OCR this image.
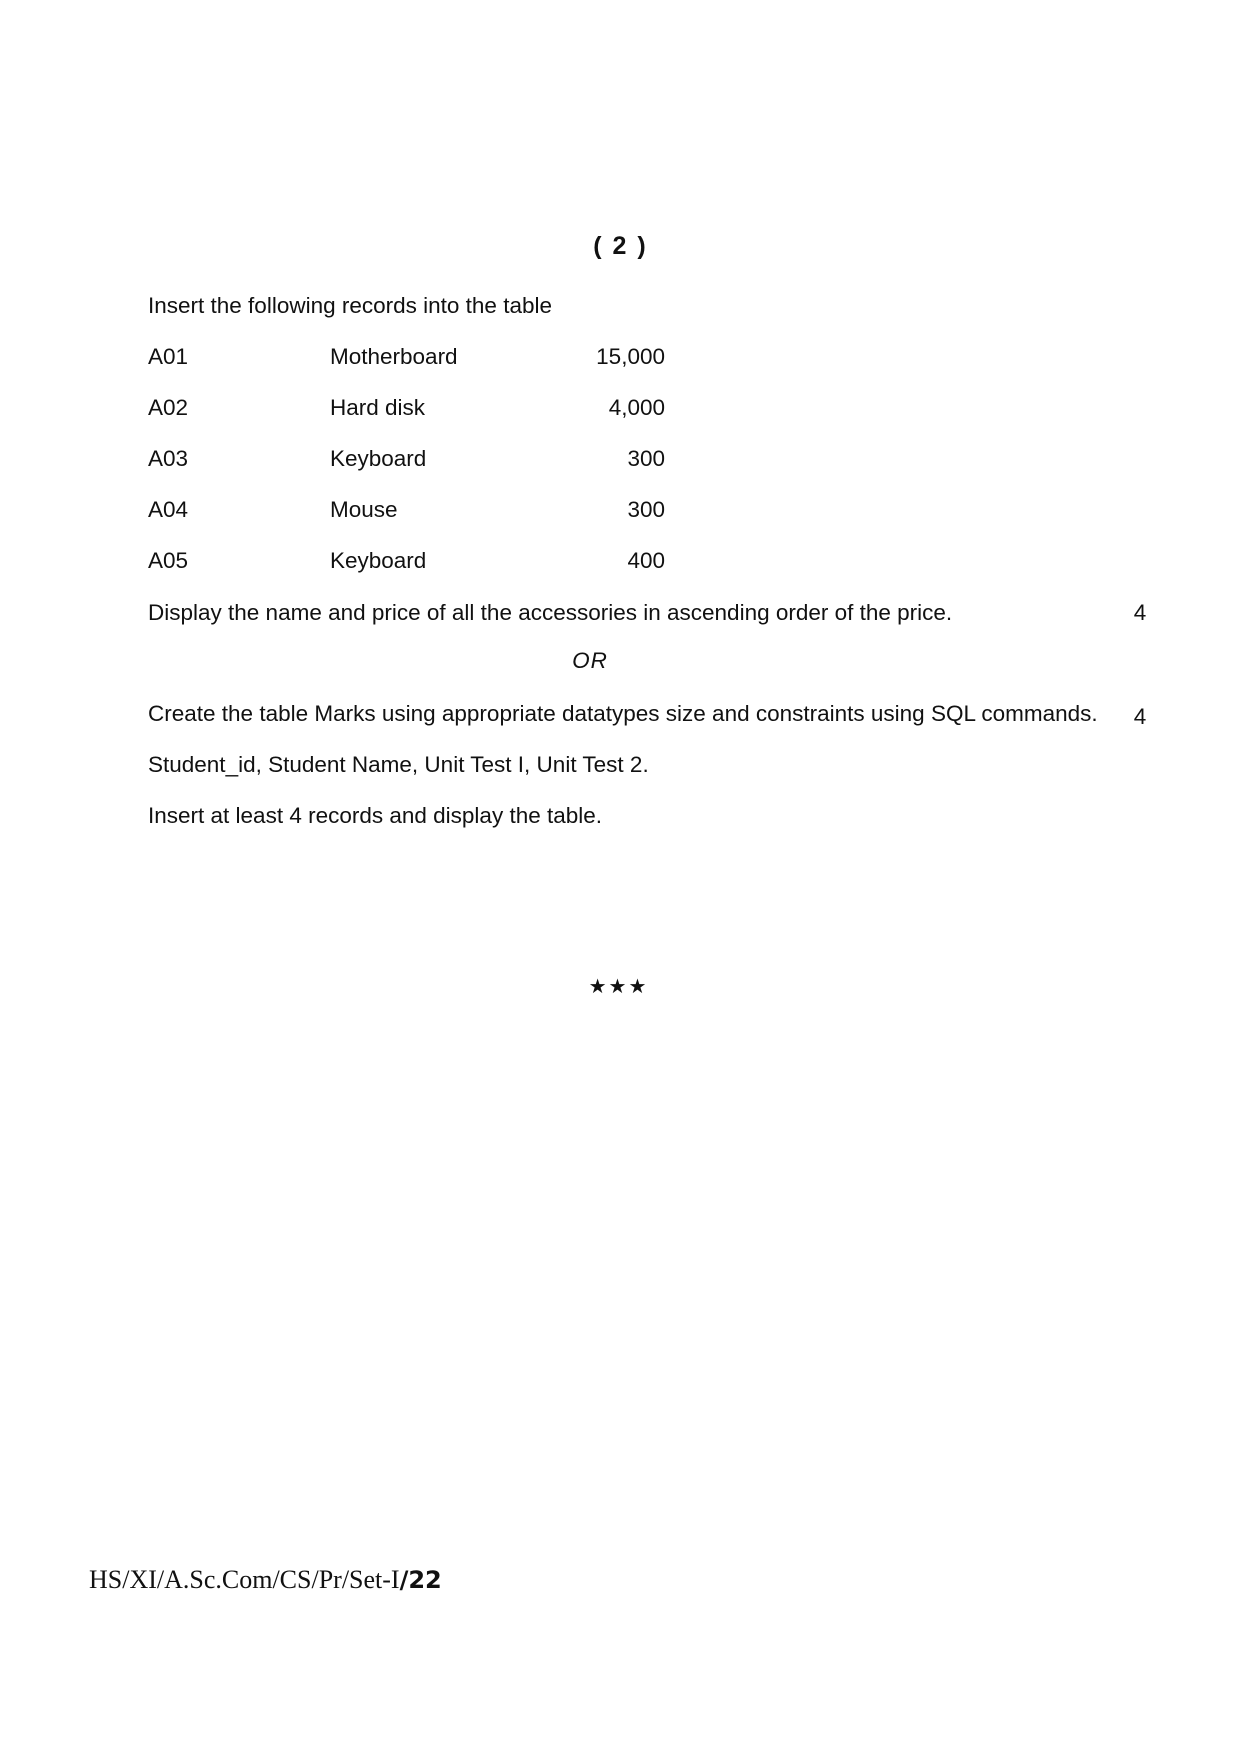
( 2 )
Insert the following records into the table
A01	Motherboard	15,000
A02	Hard disk	4,000
A03	Keyboard	300
A04	Mouse	300
A05	Keyboard	400
Display the name and price of all the accessories in ascending order of the price.	4
OR
Create the table Marks using appropriate datatypes size and constraints using SQL commands. 4
Student_id, Student Name, Unit Test I, Unit Test 2.
Insert at least 4 records and display the table.
★★★
HS/XI/A.Sc.Com/CS/Pr/Set-I/22
